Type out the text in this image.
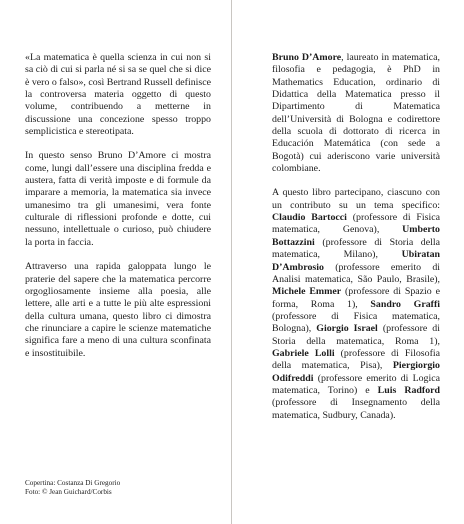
«La matematica è quella scienza in cui non si sa ciò di cui si parla né si sa se quel che si dice è vero o falso», così Bertrand Russell definisce la controversa materia oggetto di questo volume, contribuendo a metterne in discussione una concezione spesso troppo semplicistica e stereotipata.

In questo senso Bruno D’Amore ci mostra come, lungi dall’essere una disciplina fredda e austera, fatta di verità imposte e di formule da imparare a memoria, la matematica sia invece umanesimo tra gli umanesimi, vera fonte culturale di riflessioni profonde e dotte, cui nessuno, intellettuale o curioso, può chiudere la porta in faccia.

Attraverso una rapida galoppata lungo le praterie del sapere che la matematica percorre orgogliosamente insieme alla poesia, alle lettere, alle arti e a tutte le più alte espressioni della cultura umana, questo libro ci dimostra che rinunciare a capire le scienze matematiche significa fare a meno di una cultura sconfinata e insostituibile.

Copertina: Costanza Di Gregorio
Foto: © Jean Guichard/Corbis

Bruno D’Amore, laureato in matematica, filosofia e pedagogia, è PhD in Mathematics Education, ordinario di Didattica della Matematica presso il Dipartimento di Matematica dell’Università di Bologna e codirettore della scuola di dottorato di ricerca in Educación Matemática (con sede a Bogotà) cui aderiscono varie università colombiane.

A questo libro partecipano, ciascuno con un contributo su un tema specifico: Claudio Bartocci (professore di Fisica matematica, Genova), Umberto Bottazzini (professore di Storia della matematica, Milano), Ubiratan D’Ambrosio (professore emerito di Analisi matematica, São Paulo, Brasile), Michele Emmer (professore di Spazio e forma, Roma 1), Sandro Graffi (professore di Fisica matematica, Bologna), Giorgio Israel (professore di Storia della matematica, Roma 1), Gabriele Lolli (professore di Filosofia della matematica, Pisa), Piergiorgio Odifreddi (professore emerito di Logica matematica, Torino) e Luis Radford (professore di Insegnamento della matematica, Sudbury, Canada).
